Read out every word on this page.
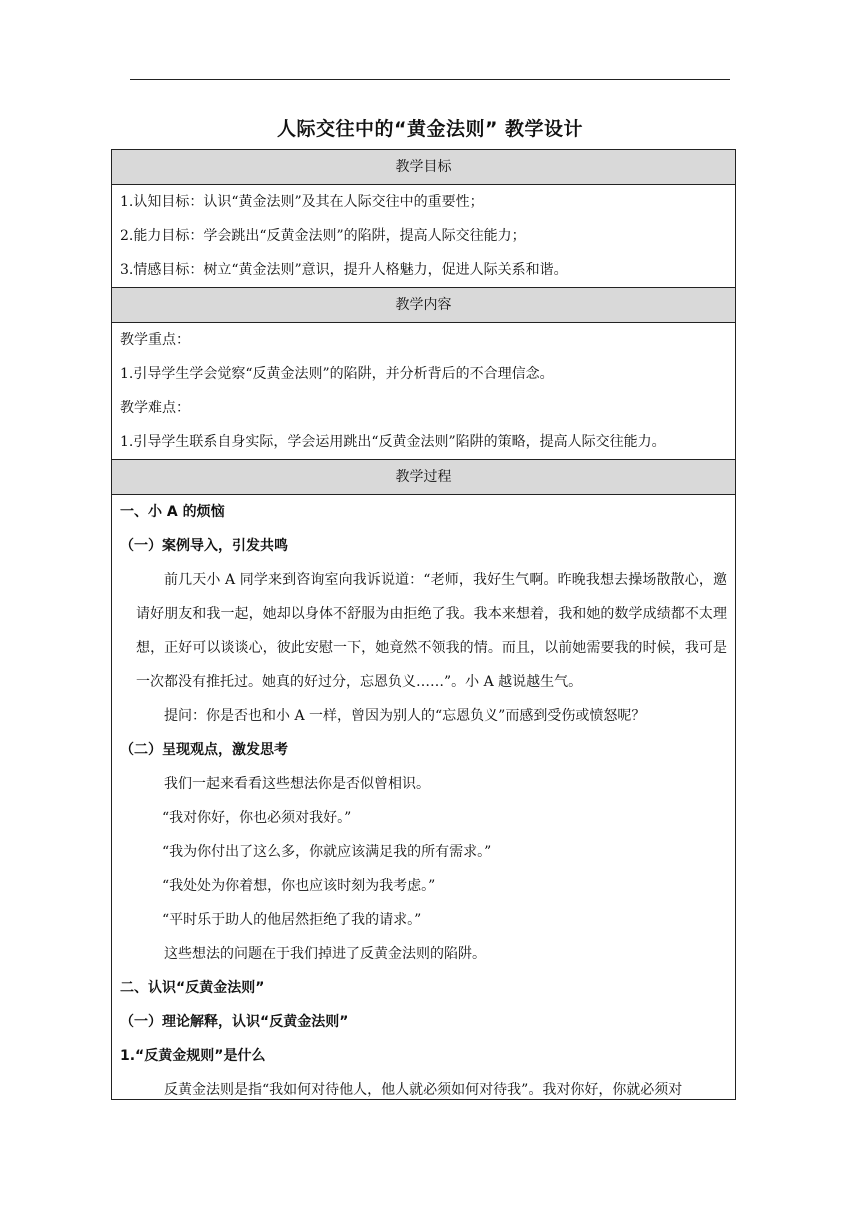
人际交往中的“黄金法则” 教学设计
教学目标
1.认知目标：认识“黄金法则”及其在人际交往中的重要性；
2.能力目标：学会跳出“反黄金法则”的陷阱，提高人际交往能力；
3.情感目标：树立“黄金法则”意识，提升人格魅力，促进人际关系和谐。
教学内容
教学重点：
1.引导学生学会觉察“反黄金法则”的陷阱，并分析背后的不合理信念。
教学难点：
1.引导学生联系自身实际，学会运用跳出“反黄金法则”陷阱的策略，提高人际交往能力。
教学过程
一、小 A 的烦恼
（一）案例导入，引发共鸣
前几天小 A 同学来到咨询室向我诉说道：“老师，我好生气啊。昨晚我想去操场散散心，邀请好朋友和我一起，她却以身体不舒服为由拒绝了我。我本来想着，我和她的数学成绩都不太理想，正好可以谈谈心，彼此安慰一下，她竟然不领我的情。而且，以前她需要我的时候，我可是一次都没有推托过。她真的好过分，忘恩负义……”。小 A 越说越生气。
提问：你是否也和小 A 一样，曾因为别人的“忘恩负义”而感到受伤或愤怒呢？
（二）呈现观点，激发思考
我们一起来看看这些想法你是否似曾相识。
“我对你好，你也必须对我好。”
“我为你付出了这么多，你就应该满足我的所有需求。”
“我处处为你着想，你也应该时刻为我考虑。”
“平时乐于助人的他居然拒绝了我的请求。”
这些想法的问题在于我们掉进了反黄金法则的陷阱。
二、认识“反黄金法则”
（一）理论解释，认识“反黄金法则”
1.“反黄金规则”是什么
反黄金法则是指“我如何对待他人，他人就必须如何对待我”。我对你好，你就必须对
